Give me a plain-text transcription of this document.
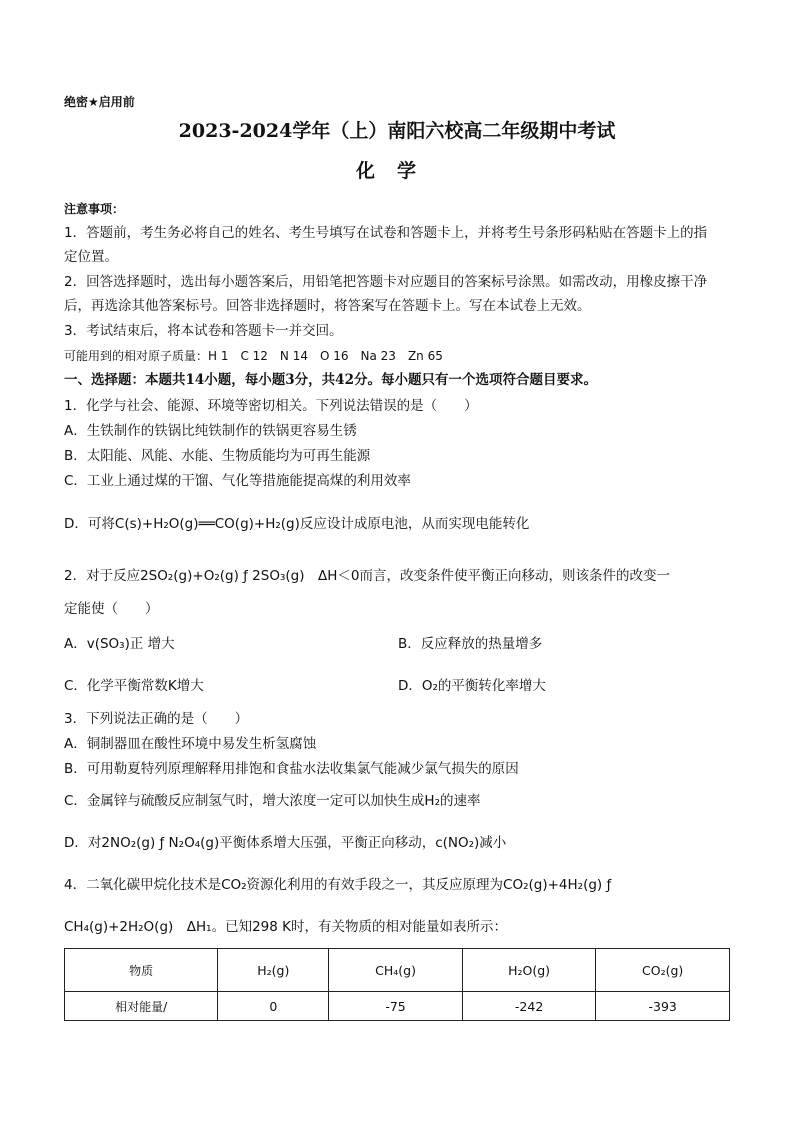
绝密★启用前
2023-2024学年（上）南阳六校高二年级期中考试
化学
注意事项：
1．答题前，考生务必将自己的姓名、考生号填写在试卷和答题卡上，并将考生号条形码粘贴在答题卡上的指
定位置。
2．回答选择题时，选出每小题答案后，用铅笔把答题卡对应题目的答案标号涂黑。如需改动，用橡皮擦干净
后，再选涂其他答案标号。回答非选择题时，将答案写在答题卡上。写在本试卷上无效。
3．考试结束后，将本试卷和答题卡一并交回。
可能用到的相对原子质量：H 1　C 12　N 14　O 16　Na 23　Zn 65
一、选择题：本题共14小题，每小题3分，共42分。每小题只有一个选项符合题目要求。
1．化学与社会、能源、环境等密切相关。下列说法错误的是（　　）
A．生铁制作的铁锅比纯铁制作的铁锅更容易生锈
B．太阳能、风能、水能、生物质能均为可再生能源
C．工业上通过煤的干馏、气化等措施能提高煤的利用效率
D．可将C(s)+H₂O(g)══CO(g)+H₂(g)反应设计成原电池，从而实现电能转化
2．对于反应2SO₂(g)+O₂(g) ƒ 2SO₃(g)　ΔH＜0而言，改变条件使平衡正向移动，则该条件的改变一
定能使（　　）
A．v(SO₃)正 增大	B．反应释放的热量增多
C．化学平衡常数K增大	D．O₂的平衡转化率增大
3．下列说法正确的是（　　）
A．铜制器皿在酸性环境中易发生析氢腐蚀
B．可用勒夏特列原理解释用排饱和食盐水法收集氯气能减少氯气损失的原因
C．金属锌与硫酸反应制氢气时，增大浓度一定可以加快生成H₂的速率
D．对2NO₂(g) ƒ N₂O₄(g)平衡体系增大压强，平衡正向移动，c(NO₂)减小
4．二氧化碳甲烷化技术是CO₂资源化利用的有效手段之一，其反应原理为CO₂(g)+4H₂(g) ƒ
CH₄(g)+2H₂O(g)　ΔH₁。已知298 K时，有关物质的相对能量如表所示：
物质	H₂(g)	CH₄(g)	H₂O(g)	CO₂(g)
相对能量/	0	-75	-242	-393
